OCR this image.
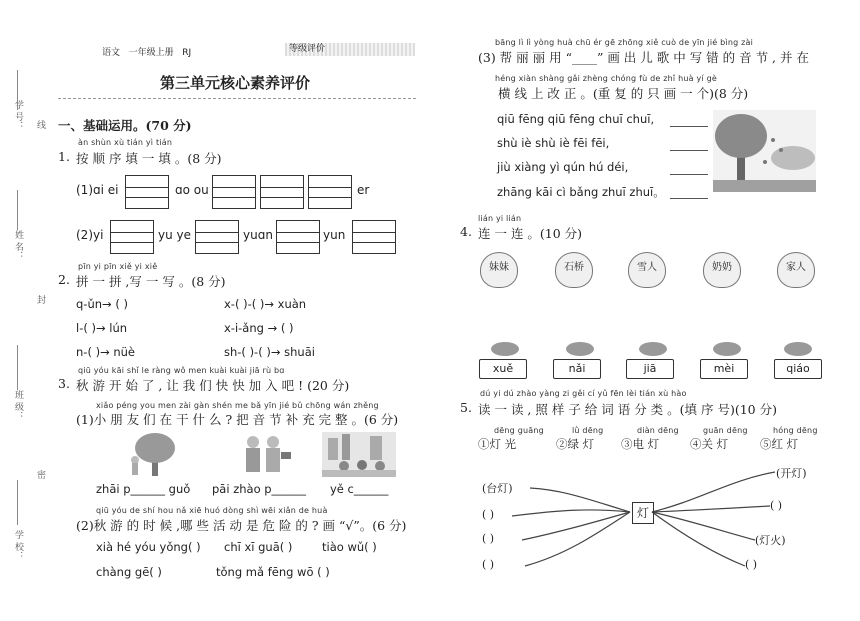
学 号：
姓 名：
班 级：
学 校：
线
封
密
语文 一年级上册 RJ	等级评价
第三单元核心素养评价
一、基础运用。(70 分)
àn shùn xù tián yì tián
1. 按 顺 序 填 一 填 。(8 分)
(1)ɑi ei	ɑo ou	er
(2)yi	yu ye	yuɑn	yun
pīn yi pīn xiě yi xiě
2. 拼 一 拼 ,写 一 写 。(8 分)
q-ǔn→ ( )	x-( )-( )→ xuàn
l-( )→ lún	x-i-ǎng → ( )
n-( )→ nüè	sh-( )-( )→ shuāi
qiū yóu kāi shǐ le ràng wǒ men kuài kuài jiā rù bɑ
3. 秋 游 开 始 了 , 让 我 们 快 快 加 入 吧 ! (20 分)
xiǎo péng you men zài gàn shén me bǎ yīn jié bǔ chōng wán zhěng
(1)小 朋 友 们 在 干 什 么 ? 把 音 节 补 充 完 整 。(6 分)
zhāi p______ guǒ pāi zhào p______ yě c______
qiū yóu de shí hou nǎ xiē huó dòng shì wēi xiǎn de huà
(2)秋 游 的 时 候 ,哪 些 活 动 是 危 险 的 ? 画 “√”。(6 分)
xià hé yóu yǒng( ) chī xī guā( )	tiào wǔ( )
chàng gē( )	tǒng mǎ fēng wō ( )
bāng lì lì yòng huà chū ér gē zhōng xiě cuò de yīn jié bìng zài
(3) 帮 丽 丽 用 “____” 画 出 儿 歌 中 写 错 的 音 节 , 并 在
héng xiàn shàng gǎi zhèng chóng fù de zhǐ huà yí gè
横 线 上 改 正 。(重 复 的 只 画 一 个)(8 分)
qiū fēng qiū fēng chuī chuī,
shù iè shù iè fēi fēi,
jiù xiàng yì qún hú déi,
zhāng kāi cì bǎng zhuī zhuī。
lián yi lián
4. 连 一 连 。(10 分)
妹妹	石桥	雪人	奶奶	家人
xuě	nǎi	jiā	mèi	qiáo
dú yi dú zhào yàng zi gěi cí yǔ fēn lèi tián xù hào
5. 读 一 读 , 照 样 子 给 词 语 分 类 。(填 序 号)(10 分)
dēng guāng	lǜ dēng	diàn dēng	guān dēng	hóng dēng
①灯 光	②绿 灯 ③电 灯	④关 灯	⑤红 灯
灯
(台灯)
( )
( )
( )
(开灯)
( )
(灯火)
( )
